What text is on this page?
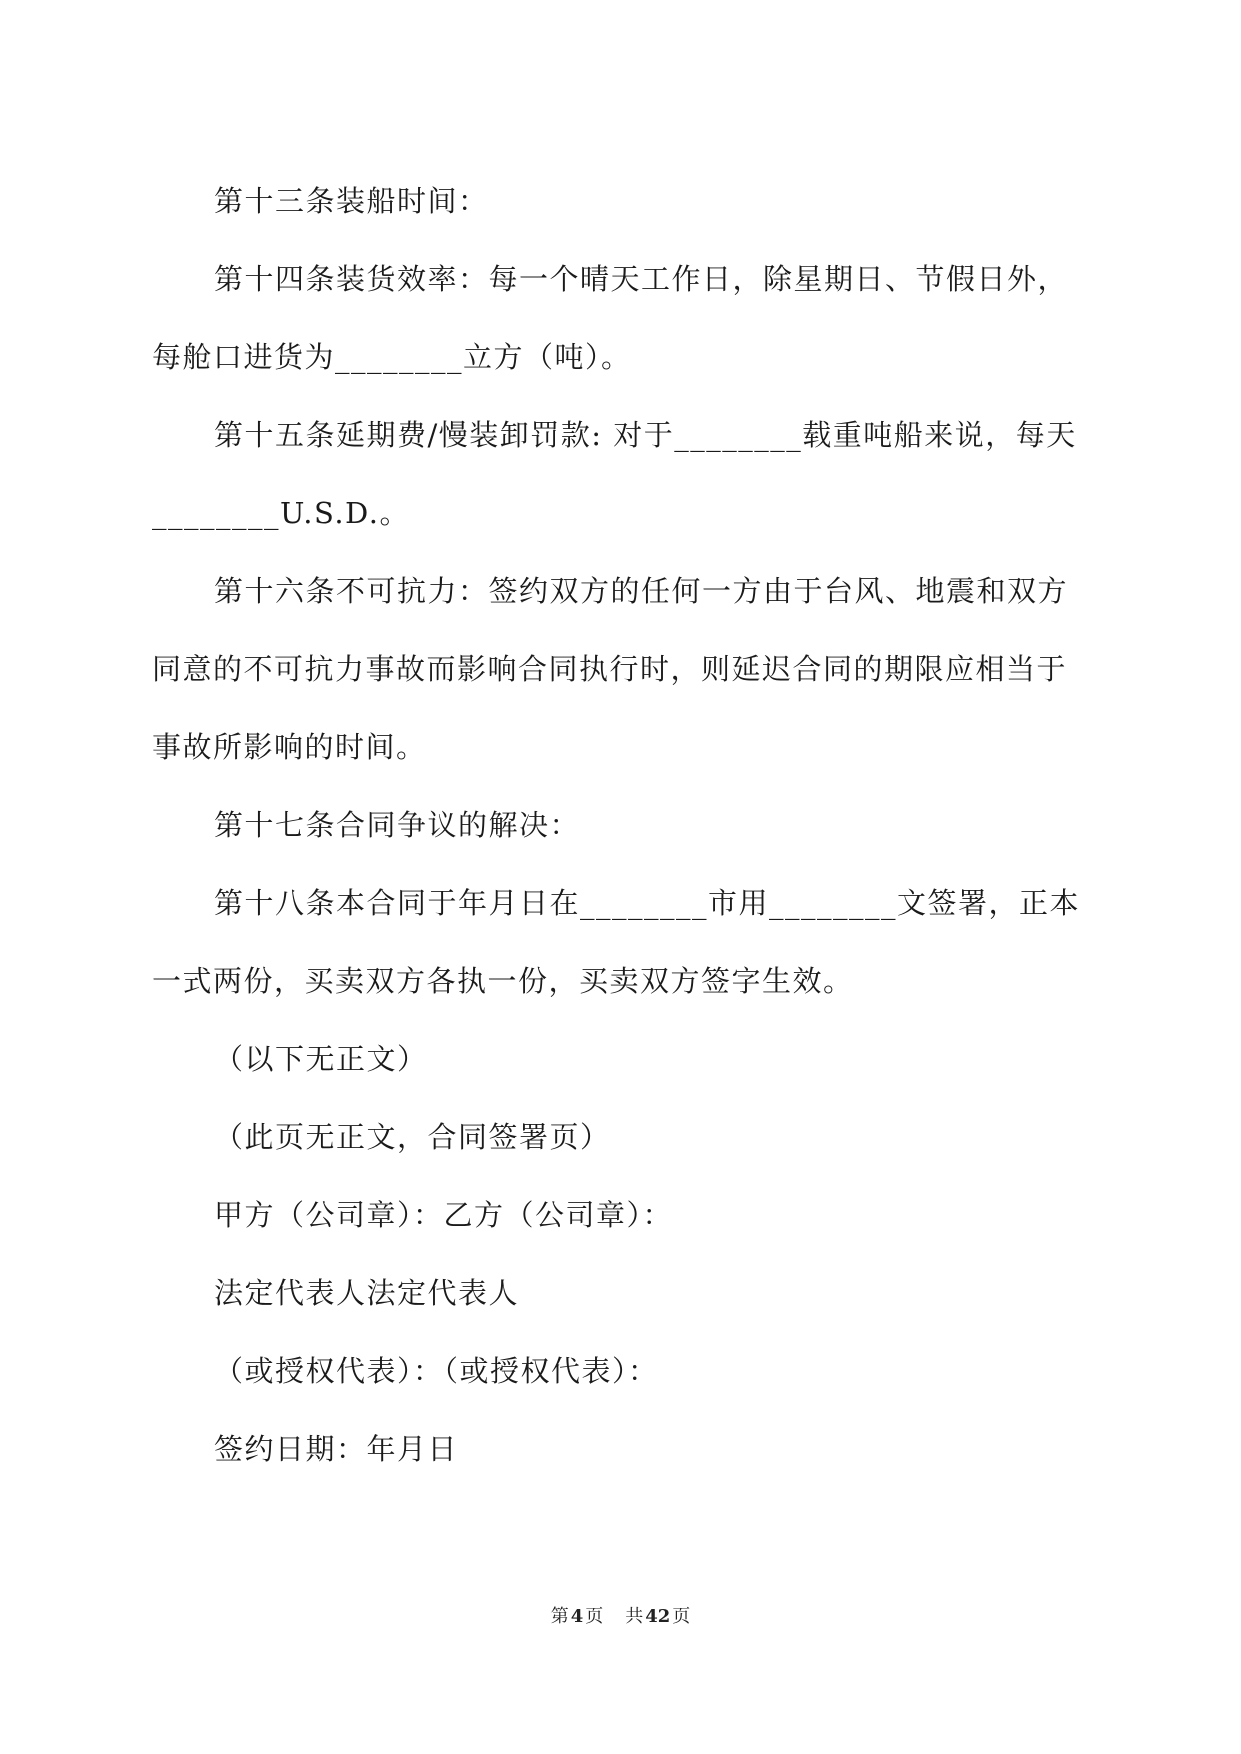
第十三条装船时间：

第十四条装货效率：每一个晴天工作日，除星期日、节假日外，每舱口进货为________立方（吨）。

第十五条延期费/慢装卸罚款: 对于________载重吨船来说，每天________U.S.D.。

第十六条不可抗力：签约双方的任何一方由于台风、地震和双方同意的不可抗力事故而影响合同执行时，则延迟合同的期限应相当于事故所影响的时间。

第十七条合同争议的解决：

第十八条本合同于年月日在________市用________文签署，正本一式两份，买卖双方各执一份，买卖双方签字生效。

（以下无正文）

（此页无正文，合同签署页）

甲方（公司章）：乙方（公司章）：

法定代表人法定代表人

（或授权代表）：（或授权代表）：

签约日期：年月日

第 4 页 共 42 页
